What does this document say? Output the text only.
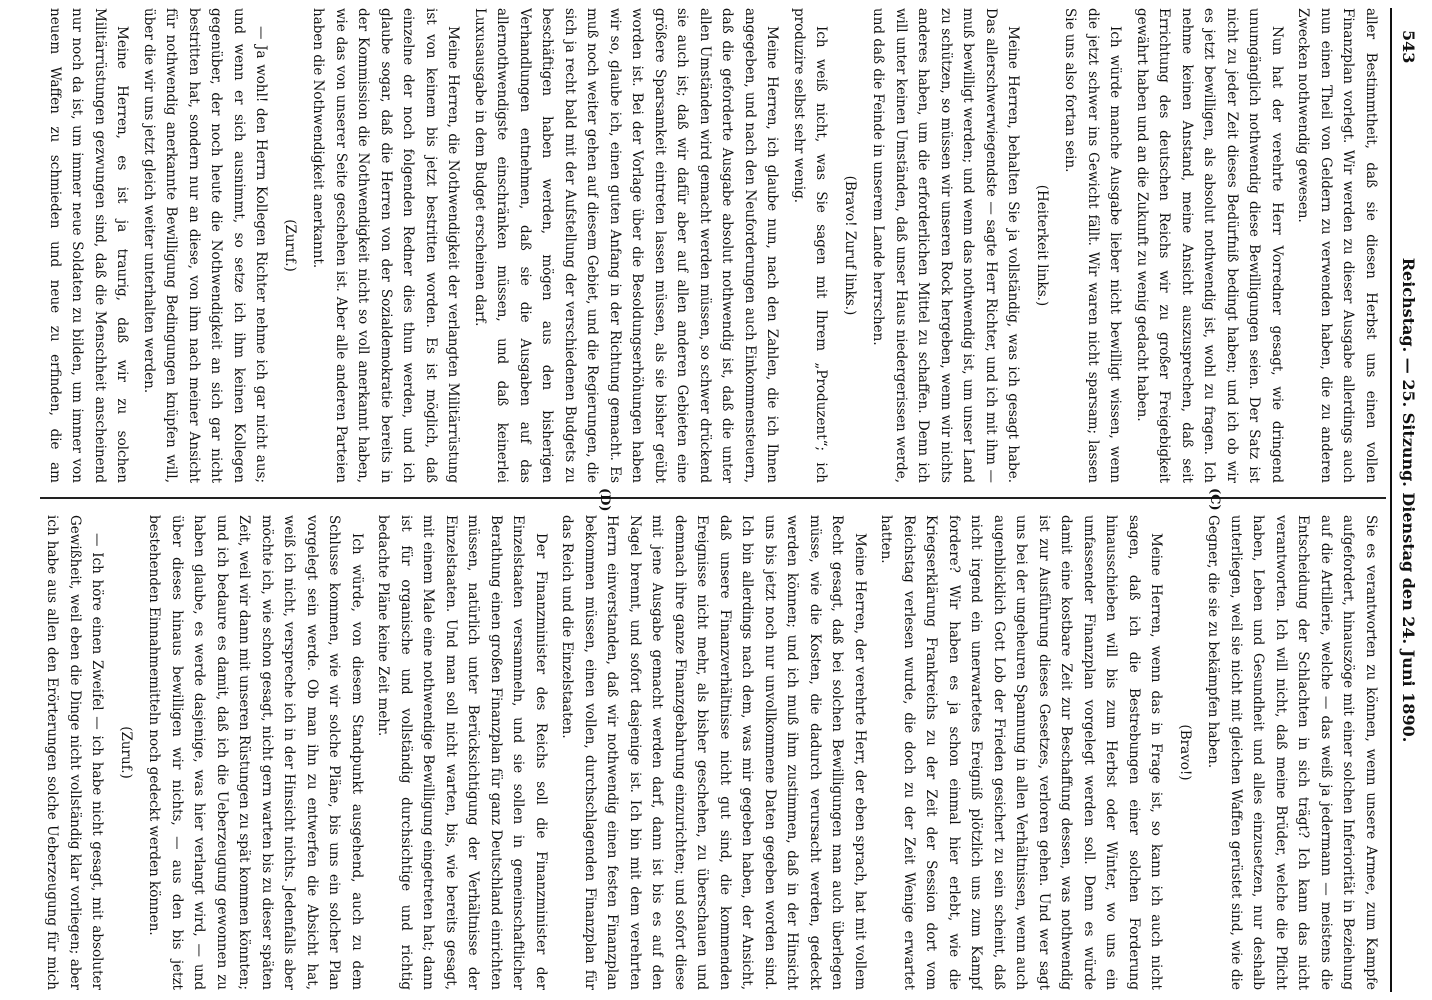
543
Reichstag. — 25. Sitzung. Dienstag den 24. Juni 1890.

aller Bestimmtheit, daß sie diesen Herbst uns einen vollen Finanzplan vorlegt. Wir werden zu dieser Ausgabe allerdings auch nun einen Theil von Geldern zu verwenden haben, die zu anderen Zwecken nothwendig gewesen.

Nun hat der verehrte Herr Vorredner gesagt, wie dringend unumgänglich nothwendig diese Bewilligungen seien. Der Satz ist nicht zu jeder Zeit dieses Bedürfniß bedingt haben; und ich ob wir es jetzt bewilligen, als absolut nothwendig ist, wohl zu fragen. Ich nehme keinen Anstand, meine Ansicht auszusprechen, daß seit Errichtung des deutschen Reichs wir zu großer Freigebigkeit gewährt haben und an die Zukunft zu wenig gedacht haben.

Ich würde manche Ausgabe lieber nicht bewilligt wissen, wenn die jetzt schwer ins Gewicht fällt. Wir waren nicht sparsam; lassen Sie uns also fortan sein.

(Heiterkeit links.)

Meine Herren, behalten Sie ja vollständig, was ich gesagt habe. Das allerschwerwiegendste — sagte Herr Richter, und ich mit ihm — muß bewilligt werden; und wenn das nothwendig ist, um unser Land zu schützen, so müssen wir unseren Rock hergeben, wenn wir nichts anderes haben, um die erforderlichen Mittel zu schaffen. Denn ich will unter keinen Umständen, daß unser Haus niedergerissen werde, und daß die Feinde in unserem Lande herrschen.

(Bravo! Zuruf links.)

Ich weiß nicht, was Sie sagen mit Ihrem „Produzent“; ich produzire selbst sehr wenig.

Meine Herren, ich glaube nun, nach den Zahlen, die ich Ihnen angegeben, und nach den Neuforderungen auch Einkommensteuern, daß die geforderte Ausgabe absolut nothwendig ist, daß die unter allen Umständen wird gemacht werden müssen, so schwer drückend sie auch ist; daß wir dafür aber auf allen anderen Gebieten eine größere Sparsamkeit eintreten lassen müssen, als sie bisher geübt worden ist. Bei der Vorlage über die Besoldungserhöhungen haben wir so, glaube ich, einen guten Anfang in der Richtung gemacht. Es muß noch weiter gehen auf diesem Gebiet, und die Regierungen, die sich ja recht bald mit der Aufstellung der verschiedenen Budgets zu beschäftigen haben werden, mögen aus den bisherigen Verhandlungen entnehmen, daß sie die Ausgaben auf das allernothwendigste einschränken müssen, und daß keinerlei Luxusausgabe in dem Budget erscheinen darf.

Meine Herren, die Nothwendigkeit der verlangten Militärrüstung ist von keinem bis jetzt bestritten worden. Es ist möglich, daß einzelne der noch folgenden Redner dies thun werden, und ich glaube sogar, daß die Herren von der Sozialdemokratie bereits in der Kommission die Nothwendigkeit nicht so voll anerkannt haben, wie das von unserer Seite geschehen ist. Aber alle anderen Parteien haben die Nothwendigkeit anerkannt.

(Zuruf.)

— Ja wohl! den Herrn Kollegen Richter nehme ich gar nicht aus; und wenn er sich ausnimmt, so setze ich ihm keinen Kollegen gegenüber, der noch heute die Nothwendigkeit an sich gar nicht bestritten hat, sondern nur an diese, von ihm nach meiner Ansicht für nothwendig anerkannte Bewilligung Bedingungen knüpfen will, über die wir uns jetzt gleich weiter unterhalten werden.

Meine Herren, es ist ja traurig, daß wir zu solchen Militärrüstungen gezwungen sind, daß die Menschheit anscheinend nur noch da ist, um immer neue Soldaten zu bilden, um immer von neuem Waffen zu schmieden und neue zu erfinden, die am

Sie es verantworten zu können, wenn unsere Armee, zum Kampfe aufgefordert, hinauszöge mit einer solchen Inferiorität in Beziehung auf die Artillerie, welche — das weiß ja jedermann — meistens die Entscheidung der Schlachten in sich trägt? Ich kann das nicht verantworten. Ich will nicht, daß meine Brüder, welche die Pflicht haben, Leben und Gesundheit und alles einzusetzen, nur deshalb unterliegen, weil sie nicht mit gleichen Waffen gerüstet sind, wie die Gegner, die sie zu bekämpfen haben.

(Bravo!)

Meine Herren, wenn das in Frage ist, so kann ich auch nicht sagen, daß ich die Bestrebungen einer solchen Forderung hinausschieben will bis zum Herbst oder Winter, wo uns ein umfassender Finanzplan vorgelegt werden soll. Denn es würde damit eine kostbare Zeit zur Beschaffung dessen, was nothwendig ist zur Ausführung dieses Gesetzes, verloren gehen. Und wer sagt uns bei der ungeheuren Spannung in allen Verhältnissen, wenn auch augenblicklich Gott Lob der Frieden gesichert zu sein scheint, daß nicht irgend ein unerwartetes Ereigniß plötzlich uns zum Kampf fordere? Wir haben es ja schon einmal hier erlebt, wie die Kriegserklärung Frankreichs zu der Zeit der Session dort vom Reichstag verlesen wurde, die doch zu der Zeit Wenige erwartet hatten.

Meine Herren, der verehrte Herr, der eben sprach, hat mit vollem Recht gesagt, daß bei solchen Bewilligungen man auch überlegen müsse, wie die Kosten, die dadurch verursacht werden, gedeckt werden können; und ich muß ihm zustimmen, daß in der Hinsicht uns bis jetzt noch nur unvollkommene Daten gegeben worden sind. Ich bin allerdings nach dem, was mir gegeben haben, der Ansicht, daß unsere Finanzverhältnisse nicht gut sind, die kommenden Ereignisse nicht mehr, als bisher geschehen, zu überschauen und demnach ihre ganze Finanzgebahrung einzurichten; und sofort diese mit jene Ausgabe gemacht werden darf, dann ist bis es auf den Nagel brennt, und sofort dasjenige ist. Ich bin mit dem verehrten Herrn einverstanden, daß wir nothwendig einen festen Finanzplan bekommen müssen, einen vollen, durchschlagenden Finanzplan für das Reich und die Einzelstaaten.

Der Finanzminister des Reichs soll die Finanzminister der Einzelstaaten versammeln, und sie sollen in gemeinschaftlicher Berathung einen großen Finanzplan für ganz Deutschland einrichten müssen, natürlich unter Berücksichtigung der Verhältnisse der Einzelstaaten. Und man soll nicht warten, bis, wie bereits gesagt, mit einem Male eine nothwendige Bewilligung eingetreten hat; dann ist für organische und vollständig durchsichtige und richtig bedachte Pläne keine Zeit mehr.

Ich würde, von diesem Standpunkt ausgehend, auch zu dem Schlusse kommen, wie wir solche Pläne, bis uns ein solcher Plan vorgelegt sein werde. Ob man ihn zu entwerfen die Absicht hat, weiß ich nicht, verspreche ich in der Hinsicht nichts. Jedenfalls aber möchte ich, wie schon gesagt, nicht gern warten bis zu dieser späten Zeit, weil wir dann mit unseren Rüstungen zu spät kommen könnten; und ich bedaure es damit, daß ich die Ueberzeugung gewonnen zu haben glaube, es werde dasjenige, was hier verlangt wird, — und über dieses hinaus bewilligen wir nichts, — aus den bis jetzt bestehenden Einnahmemitteln noch gedeckt werden können.

(Zuruf.)

— Ich höre einen Zweifel — ich habe nicht gesagt, mit absoluter Gewißheit, weil eben die Dinge nicht vollständig klar vorliegen; aber ich habe aus allen den Erörterungen solche Ueberzeugung für mich

(C)
(D)
